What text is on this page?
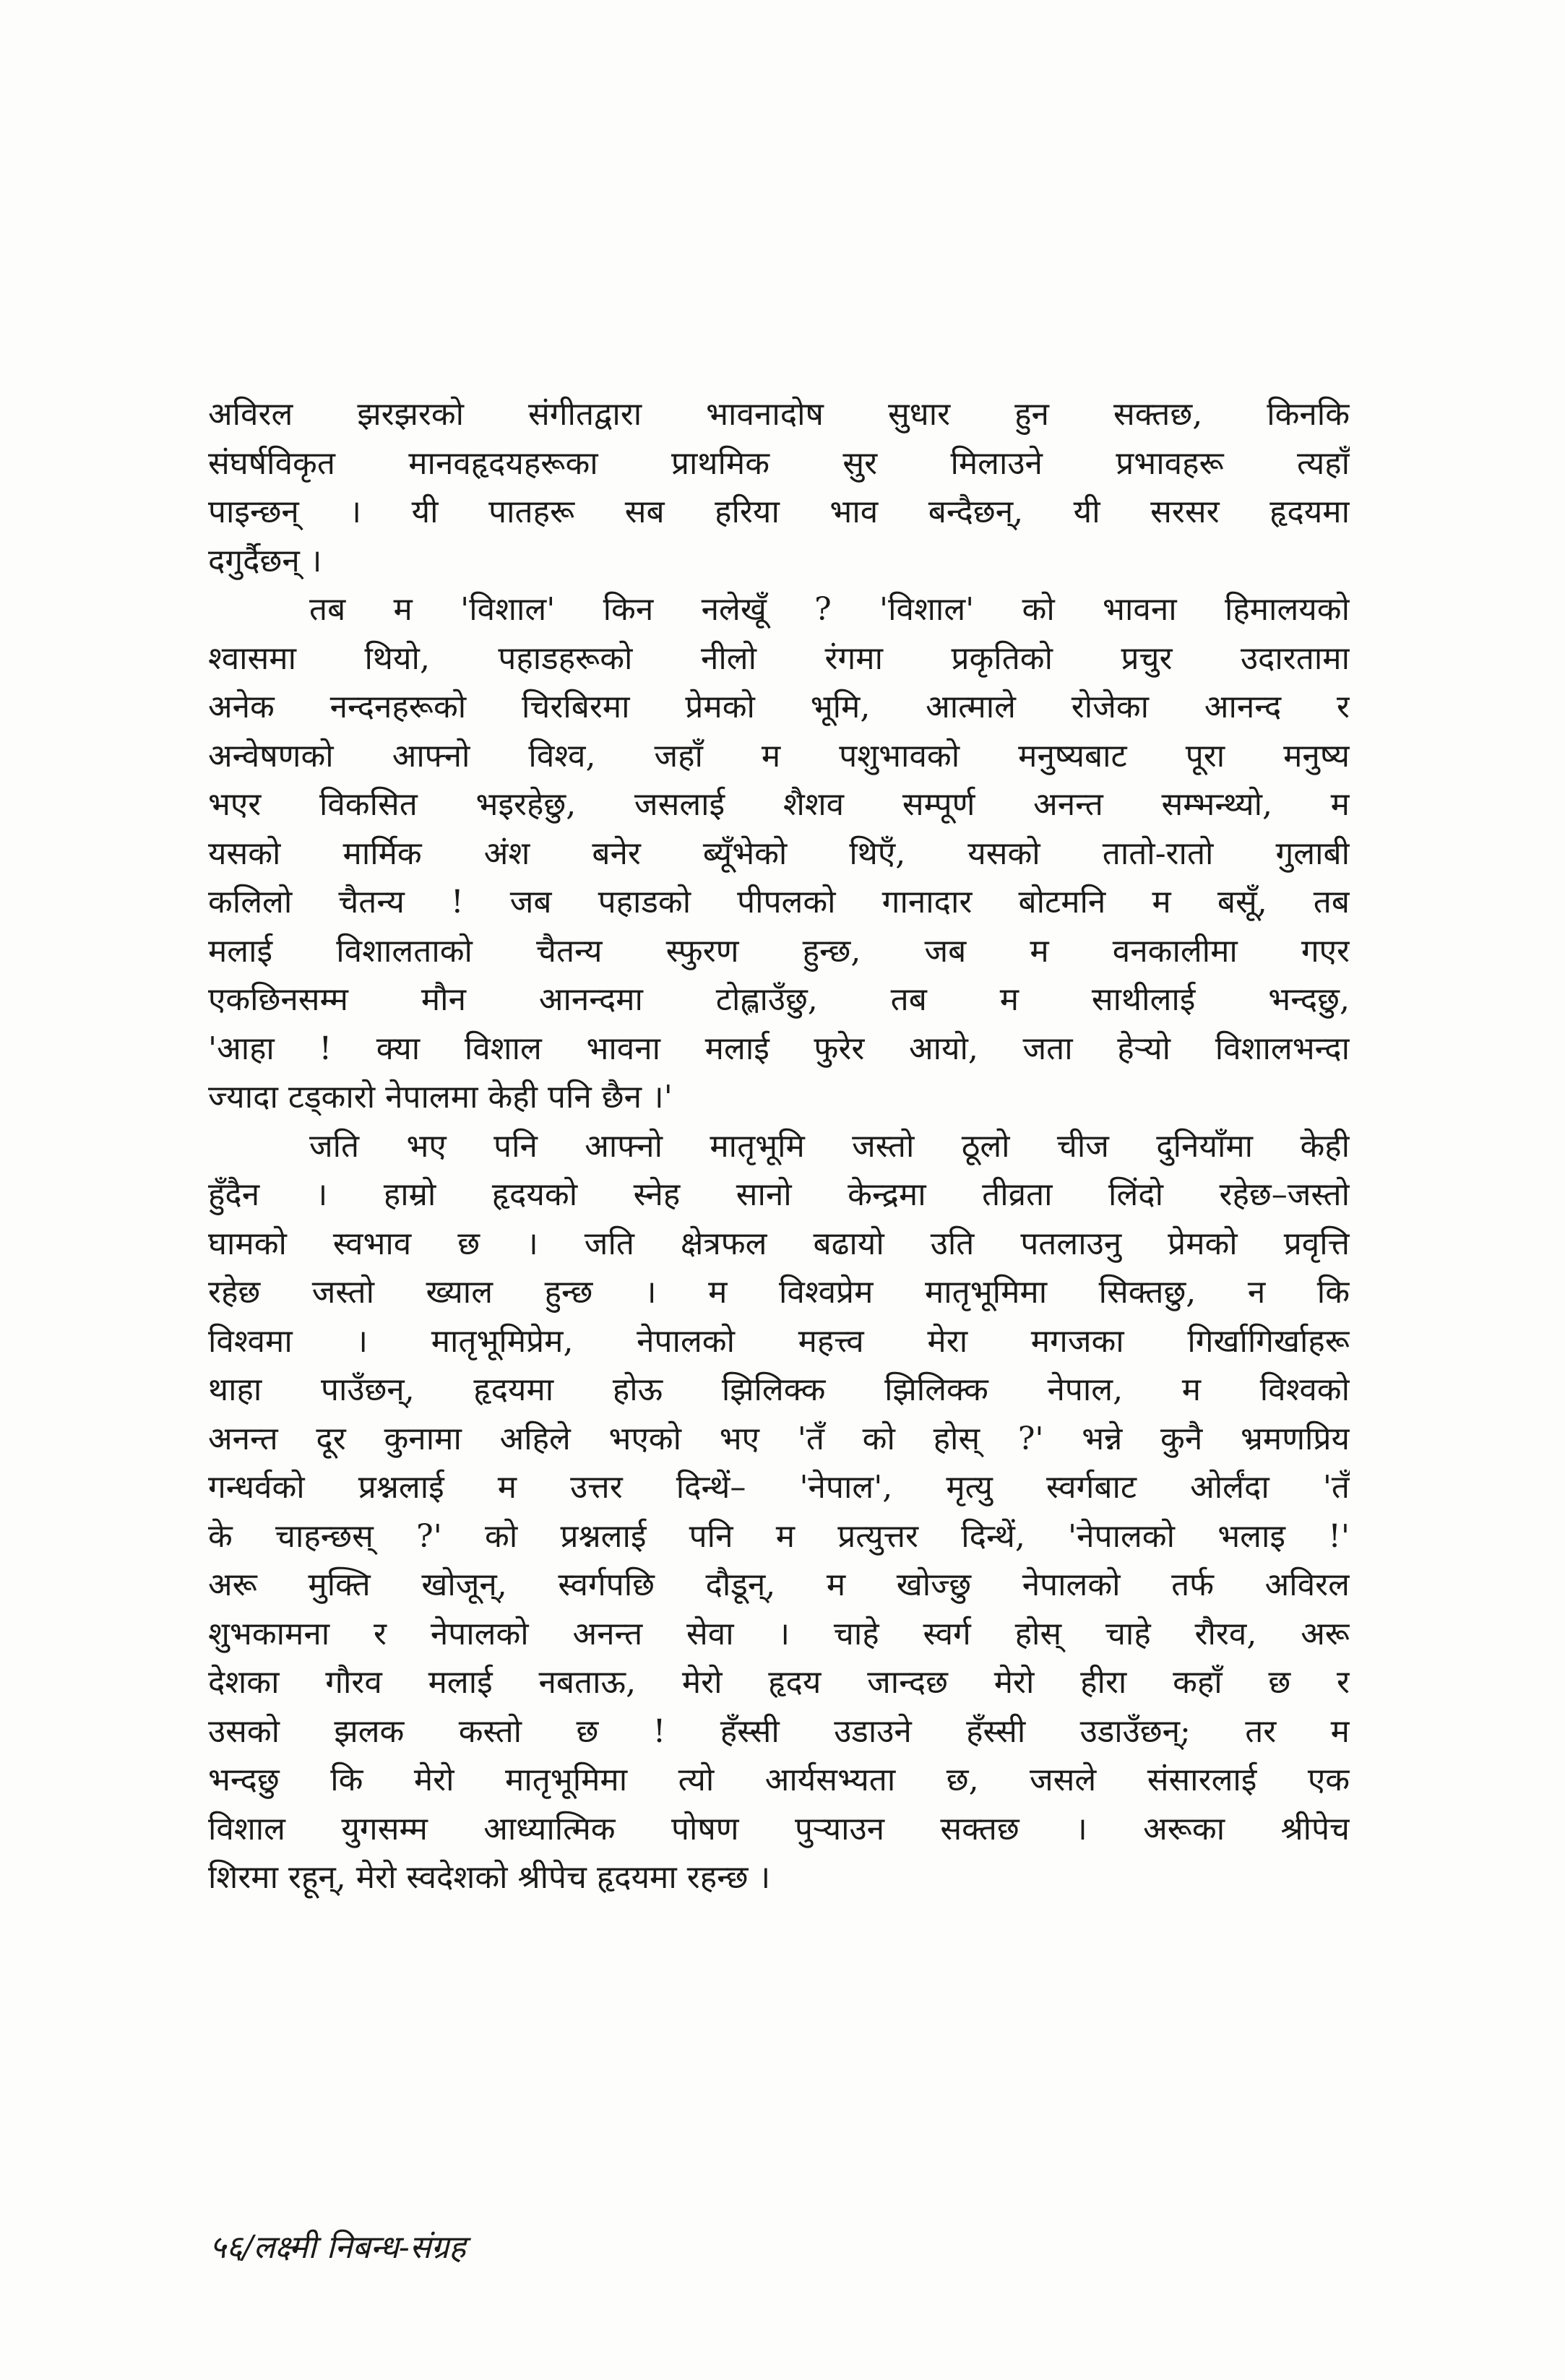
अविरल झरझरको संगीतद्वारा भावनादोष सुधार हुन सक्तछ, किनकि
संघर्षविकृत मानवहृदयहरूका प्राथमिक सुर मिलाउने प्रभावहरू त्यहाँ
पाइन्छन् । यी पातहरू सब हरिया भाव बन्दैछन्, यी सरसर हृदयमा
दगुर्दैछन् ।
तब म 'विशाल' किन नलेखूँ ? 'विशाल' को भावना हिमालयको
श्वासमा थियो, पहाडहरूको नीलो रंगमा प्रकृतिको प्रचुर उदारतामा
अनेक नन्दनहरूको चिरबिरमा प्रेमको भूमि, आत्माले रोजेका आनन्द र
अन्वेषणको आफ्नो विश्व, जहाँ म पशुभावको मनुष्यबाट पूरा मनुष्य
भएर विकसित भइरहेछु, जसलाई शैशव सम्पूर्ण अनन्त सम्भन्थ्यो, म
यसको मार्मिक अंश बनेर ब्यूँभेको थिएँ, यसको तातो-रातो गुलाबी
कलिलो चैतन्य ! जब पहाडको पीपलको गानादार बोटमनि म बसूँ, तब
मलाई विशालताको चैतन्य स्फुरण हुन्छ, जब म वनकालीमा गएर
एकछिनसम्म मौन आनन्दमा टोह्लाउँछु, तब म साथीलाई भन्दछु,
'आहा ! क्या विशाल भावना मलाई फुरेर आयो, जता हेऱ्यो विशालभन्दा
ज्यादा टड्कारो नेपालमा केही पनि छैन ।'
जति भए पनि आफ्नो मातृभूमि जस्तो ठूलो चीज दुनियाँमा केही
हुँदैन । हाम्रो हृदयको स्नेह सानो केन्द्रमा तीव्रता लिंदो रहेछ–जस्तो
घामको स्वभाव छ । जति क्षेत्रफल बढायो उति पतलाउनु प्रेमको प्रवृत्ति
रहेछ जस्तो ख्याल हुन्छ । म विश्वप्रेम मातृभूमिमा सिक्तछु, न कि
विश्वमा । मातृभूमिप्रेम, नेपालको महत्त्व मेरा मगजका गिर्खागिर्खाहरू
थाहा पाउँछन्, हृदयमा होऊ झिलिक्क झिलिक्क नेपाल, म विश्वको
अनन्त दूर कुनामा अहिले भएको भए 'तँ को होस् ?' भन्ने कुनै भ्रमणप्रिय
गन्धर्वको प्रश्नलाई म उत्तर दिन्थें– 'नेपाल', मृत्यु स्वर्गबाट ओर्लंदा 'तँ
के चाहन्छस् ?' को प्रश्नलाई पनि म प्रत्युत्तर दिन्थें, 'नेपालको भलाइ !'
अरू मुक्ति खोजून्, स्वर्गपछि दौडून्, म खोज्छु नेपालको तर्फ अविरल
शुभकामना र नेपालको अनन्त सेवा । चाहे स्वर्ग होस् चाहे रौरव, अरू
देशका गौरव मलाई नबताऊ, मेरो हृदय जान्दछ मेरो हीरा कहाँ छ र
उसको झलक कस्तो छ ! हँस्सी उडाउने हँस्सी उडाउँछन्; तर म
भन्दछु कि मेरो मातृभूमिमा त्यो आर्यसभ्यता छ, जसले संसारलाई एक
विशाल युगसम्म आध्यात्मिक पोषण पुऱ्याउन सक्तछ । अरूका श्रीपेच
शिरमा रहून्, मेरो स्वदेशको श्रीपेच हृदयमा रहन्छ ।
५६/लक्ष्मी निबन्ध-संग्रह
